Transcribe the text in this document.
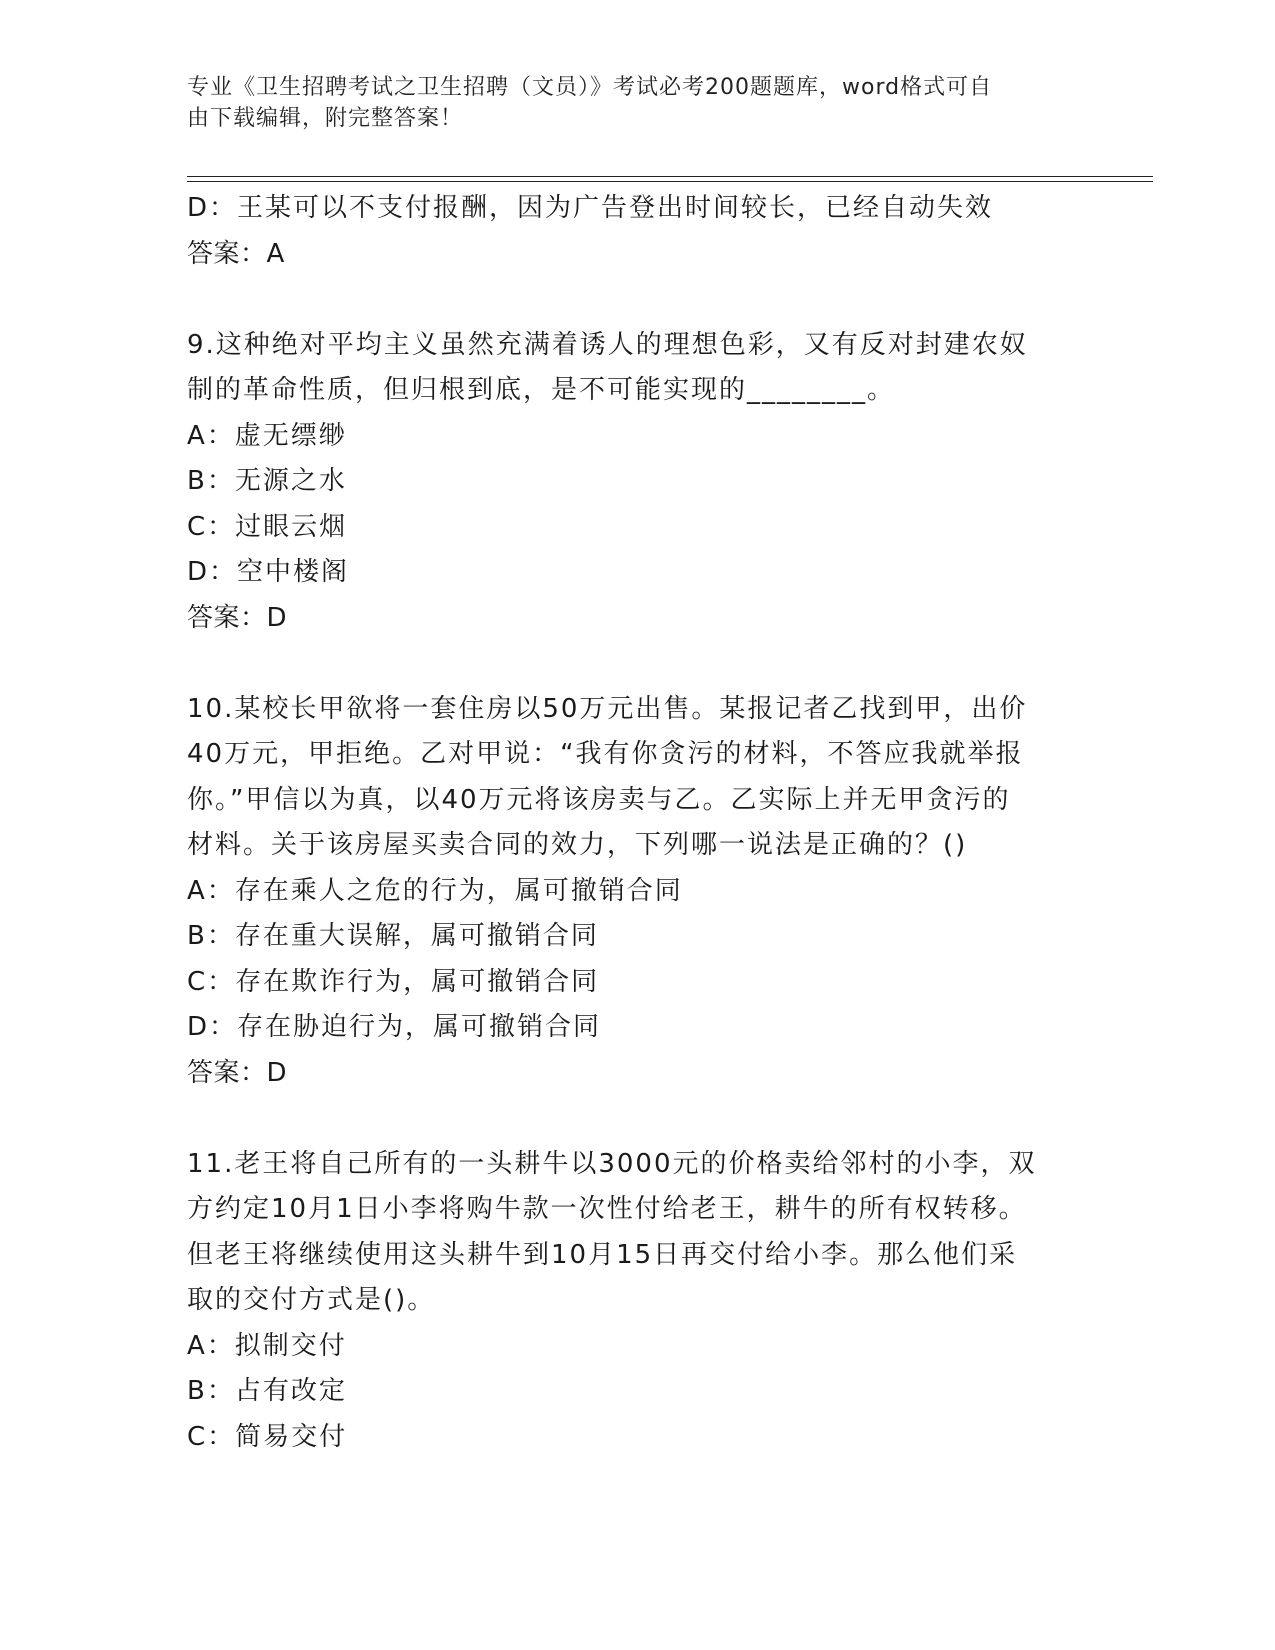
专业《卫生招聘考试之卫生招聘（文员）》考试必考200题题库，word格式可自
由下载编辑，附完整答案！
D：王某可以不支付报酬，因为广告登出时间较长，已经自动失效
答案：A
9.这种绝对平均主义虽然充满着诱人的理想色彩，又有反对封建农奴
制的革命性质，但归根到底，是不可能实现的________。
A：虚无缥缈
B：无源之水
C：过眼云烟
D：空中楼阁
答案：D
10.某校长甲欲将一套住房以50万元出售。某报记者乙找到甲，出价
40万元，甲拒绝。乙对甲说：“我有你贪污的材料，不答应我就举报
你。”甲信以为真，以40万元将该房卖与乙。乙实际上并无甲贪污的
材料。关于该房屋买卖合同的效力，下列哪一说法是正确的？()
A：存在乘人之危的行为，属可撤销合同
B：存在重大误解，属可撤销合同
C：存在欺诈行为，属可撤销合同
D：存在胁迫行为，属可撤销合同
答案：D
11.老王将自己所有的一头耕牛以3000元的价格卖给邻村的小李，双
方约定10月1日小李将购牛款一次性付给老王，耕牛的所有权转移。
但老王将继续使用这头耕牛到10月15日再交付给小李。那么他们采
取的交付方式是()。
A：拟制交付
B：占有改定
C：简易交付
